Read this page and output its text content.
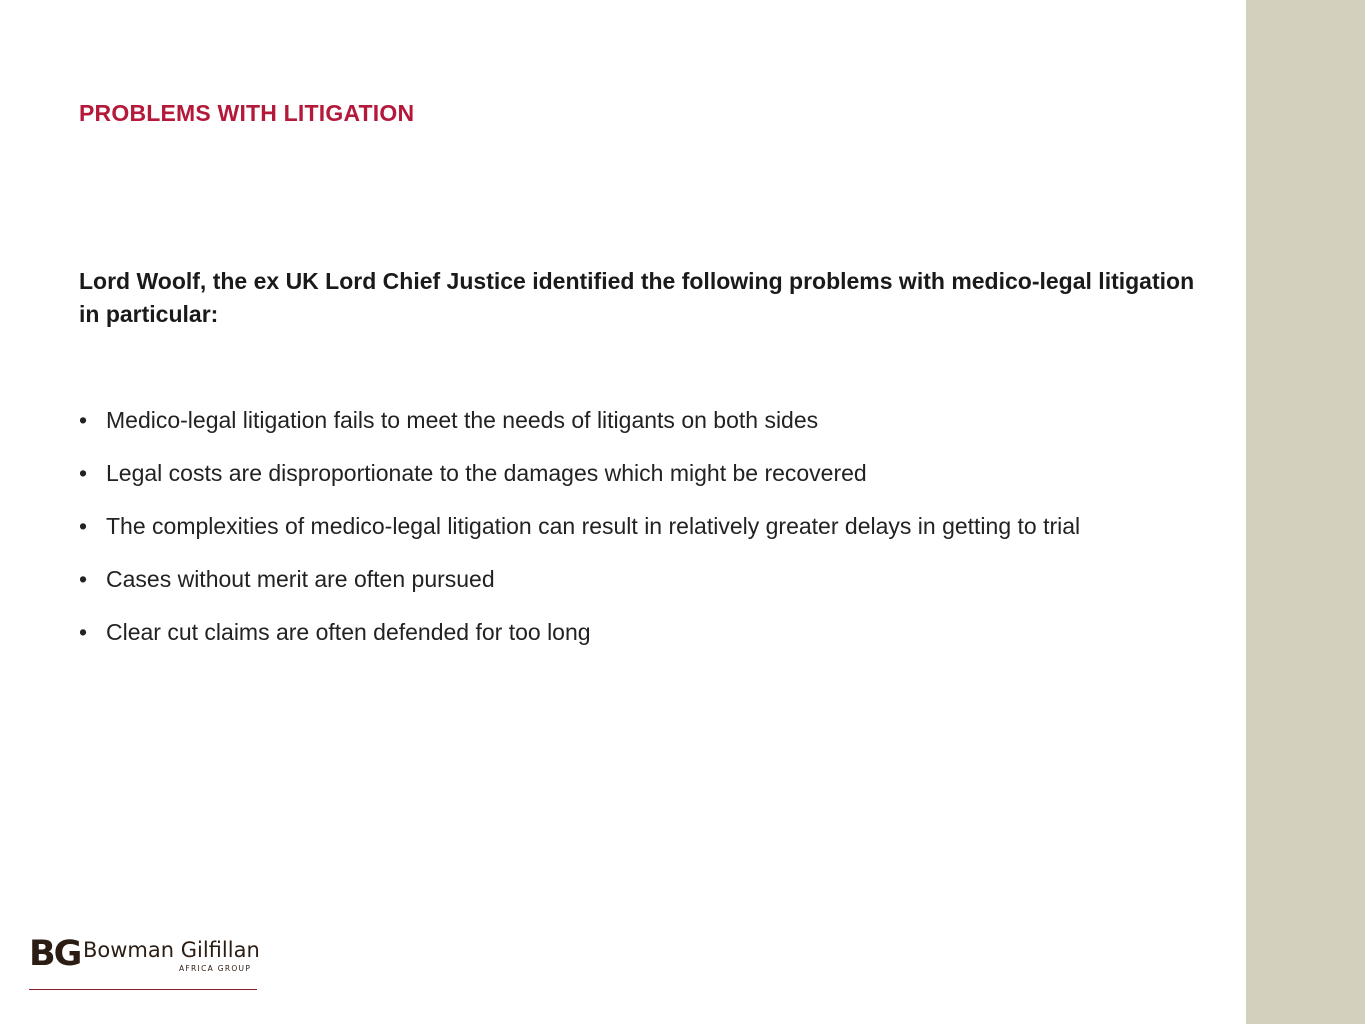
PROBLEMS WITH LITIGATION

Lord Woolf, the ex UK Lord Chief Justice identified the following problems with medico-legal litigation in particular:

• Medico-legal litigation fails to meet the needs of litigants on both sides
• Legal costs are disproportionate to the damages which might be recovered
• The complexities of medico-legal litigation can result in relatively greater delays in getting to trial
• Cases without merit are often pursued
• Clear cut claims are often defended for too long
BG Bowman Gilfillan
AFRICA GROUP
